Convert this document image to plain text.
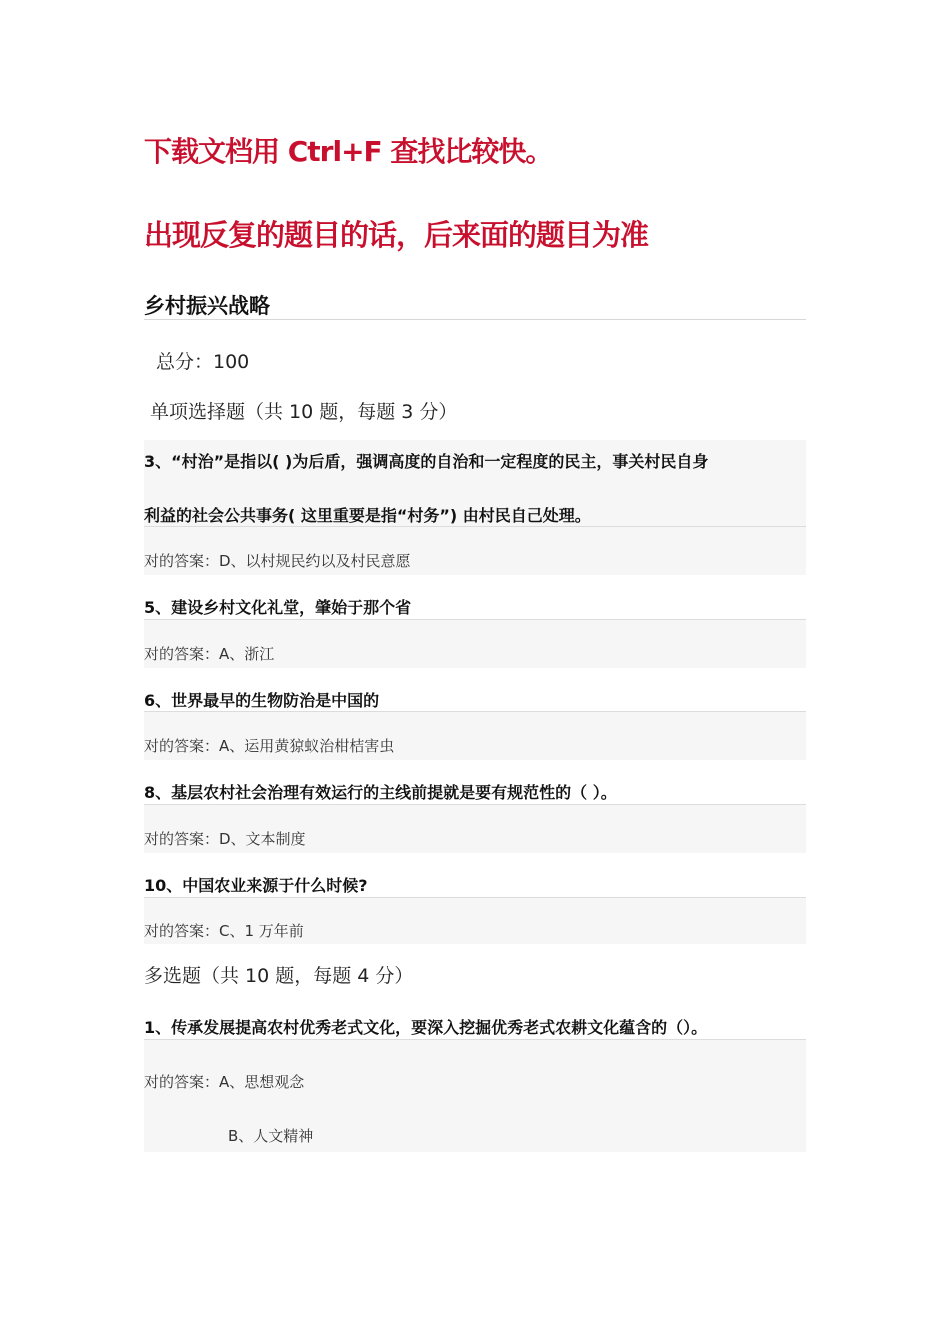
下载文档用 Ctrl+F 查找比较快。
出现反复的题目的话，后来面的题目为准
乡村振兴战略
总分：100
单项选择题（共 10 题，每题 3 分）
3、“村治”是指以( )为后盾，强调高度的自治和一定程度的民主，事关村民自身
利益的社会公共事务( 这里重要是指“村务”) 由村民自己处理。
对的答案：D、以村规民约以及村民意愿
5、建设乡村文化礼堂，肇始于那个省
对的答案：A、浙江
6、世界最早的生物防治是中国的
对的答案：A、运用黄猄蚁治柑桔害虫
8、基层农村社会治理有效运行的主线前提就是要有规范性的（ ）。
对的答案：D、文本制度
10、中国农业来源于什么时候?
对的答案：C、1 万年前
多选题（共 10 题，每题 4 分）
1、传承发展提高农村优秀老式文化，要深入挖掘优秀老式农耕文化蕴含的（）。
对的答案：A、思想观念
B、人文精神
